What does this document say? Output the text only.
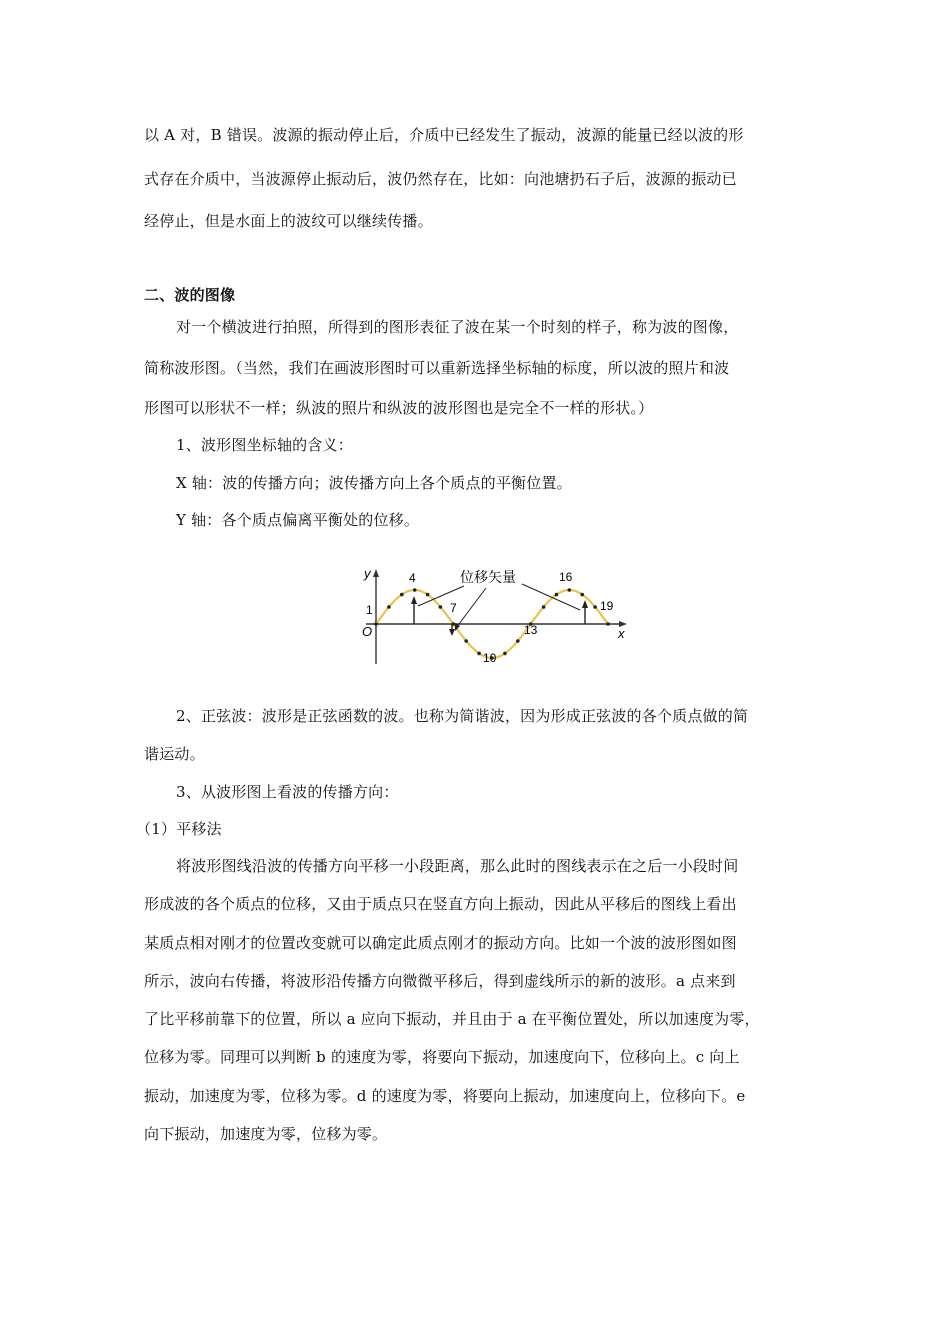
以 A 对，B 错误。波源的振动停止后，介质中已经发生了振动，波源的能量已经以波的形
式存在介质中，当波源停止振动后，波仍然存在，比如：向池塘扔石子后，波源的振动已
经停止，但是水面上的波纹可以继续传播。
二、波的图像
对一个横波进行拍照，所得到的图形表征了波在某一个时刻的样子，称为波的图像，
简称波形图。（当然，我们在画波形图时可以重新选择坐标轴的标度，所以波的照片和波
形图可以形状不一样；纵波的照片和纵波的波形图也是完全不一样的形状。）
1、波形图坐标轴的含义：
X 轴：波的传播方向；波传播方向上各个质点的平衡位置。
Y 轴：各个质点偏离平衡处的位移。
y
x
O
位移矢量
1
4
7
10
13
16
19
2、正弦波：波形是正弦函数的波。也称为简谐波，因为形成正弦波的各个质点做的简
谐运动。
3、从波形图上看波的传播方向：
（1）平移法
将波形图线沿波的传播方向平移一小段距离，那么此时的图线表示在之后一小段时间
形成波的各个质点的位移，又由于质点只在竖直方向上振动，因此从平移后的图线上看出
某质点相对刚才的位置改变就可以确定此质点刚才的振动方向。比如一个波的波形图如图
所示，波向右传播，将波形沿传播方向微微平移后，得到虚线所示的新的波形。a 点来到
了比平移前靠下的位置，所以 a 应向下振动，并且由于 a 在平衡位置处，所以加速度为零，
位移为零。同理可以判断 b 的速度为零，将要向下振动，加速度向下，位移向上。c 向上
振动，加速度为零，位移为零。d 的速度为零，将要向上振动，加速度向上，位移向下。e
向下振动，加速度为零，位移为零。
